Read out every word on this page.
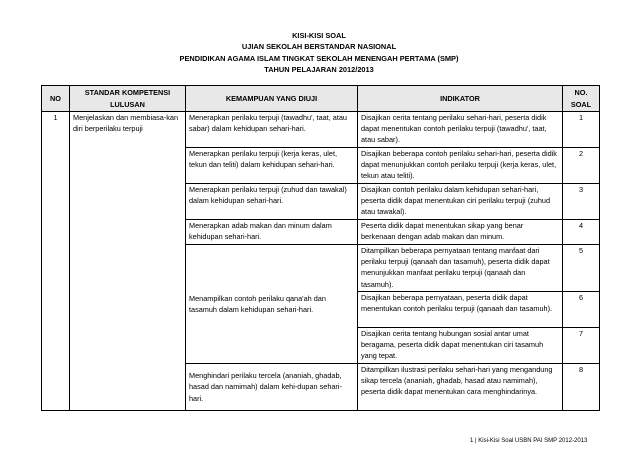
KISI-KISI SOAL
UJIAN SEKOLAH BERSTANDAR NASIONAL
PENDIDIKAN AGAMA ISLAM TINGKAT SEKOLAH MENENGAH PERTAMA (SMP)
TAHUN PELAJARAN 2012/2013
NO	STANDAR KOMPETENSI LULUSAN	KEMAMPUAN YANG DIUJI	INDIKATOR	NO. SOAL
1	Menjelaskan dan membiasa-kan diri berperilaku terpuji	Menerapkan perilaku terpuji (tawadhu', taat, atau sabar) dalam kehidupan sehari-hari.	Disajikan cerita tentang perilaku sehari-hari, peserta didik dapat menentukan contoh perilaku terpuji (tawadhu', taat, atau sabar).	1
		Menerapkan perilaku terpuji (kerja keras, ulet, tekun dan teliti) dalam kehidupan sehari-hari.	Disajikan beberapa contoh perilaku sehari-hari, peserta didik dapat menunjukkan contoh perilaku terpuji (kerja keras, ulet, tekun atau teliti).	2
		Menerapkan perilaku terpuji (zuhud dan tawakal) dalam kehidupan sehari-hari.	Disajikan contoh perilaku dalam kehidupan sehari-hari, peserta didik dapat menentukan ciri perilaku terpuji (zuhud atau tawakal).	3
		Menerapkan adab makan dan minum dalam kehidupan sehari-hari.	Peserta didik dapat menentukan sikap yang benar berkenaan dengan adab makan dan minum.	4
		Menampilkan contoh perilaku qana'ah dan tasamuh dalam kehidupan sehari-hari.	Ditampilkan beberapa pernyataan tentang manfaat dari perilaku terpuji (qanaah dan tasamuh), peserta didik dapat menunjukkan manfaat perilaku terpuji (qanaah dan tasamuh).	5
			Disajikan beberapa pernyataan, peserta didik dapat menentukan contoh perilaku terpuji (qanaah dan tasamuh).	6
			Disajikan cerita tentang hubungan sosial antar umat beragama, peserta didik dapat menentukan ciri tasamuh yang tepat.	7
		Menghindari perilaku tercela (ananiah, ghadab, hasad dan namimah) dalam kehi-dupan sehari-hari.	Ditampilkan ilustrasi perilaku sehari-hari yang mengandung sikap tercela (ananiah, ghadab, hasad atau namimah), peserta didik dapat menentukan cara menghindarinya.	8
1 | Kisi-Kisi Soal USBN PAI SMP 2012-2013
